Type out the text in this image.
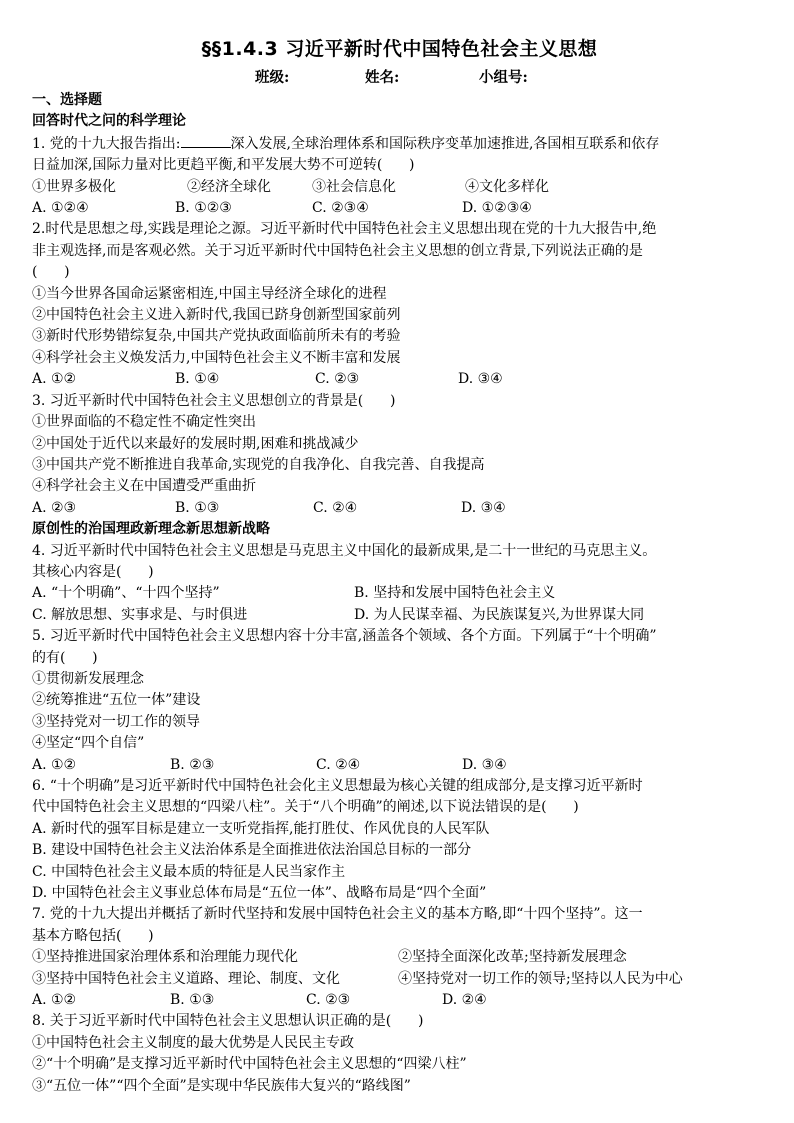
§§1.4.3 习近平新时代中国特色社会主义思想
班级:	姓名:	小组号:
一、选择题
回答时代之问的科学理论
1. 党的十九大报告指出:	深入发展,全球治理体系和国际秩序变革加速推进,各国相互联系和依存
日益加深,国际力量对比更趋平衡,和平发展大势不可逆转(      )
①世界多极化	②经济全球化	③社会信息化	④文化多样化
A. ①②④	B. ①②③	C. ②③④	D. ①②③④
2.时代是思想之母,实践是理论之源。习近平新时代中国特色社会主义思想出现在党的十九大报告中,绝
非主观选择,而是客观必然。关于习近平新时代中国特色社会主义思想的创立背景,下列说法正确的是
(      )
①当今世界各国命运紧密相连,中国主导经济全球化的进程
②中国特色社会主义进入新时代,我国已跻身创新型国家前列
③新时代形势错综复杂,中国共产党执政面临前所未有的考验
④科学社会主义焕发活力,中国特色社会主义不断丰富和发展
A. ①②	B. ①④	C. ②③	D. ③④
3. 习近平新时代中国特色社会主义思想创立的背景是(      )
①世界面临的不稳定性不确定性突出
②中国处于近代以来最好的发展时期,困难和挑战减少
③中国共产党不断推进自我革命,实现党的自我净化、自我完善、自我提高
④科学社会主义在中国遭受严重曲折
A. ②③	B. ①③	C. ②④	D. ③④
原创性的治国理政新理念新思想新战略
4. 习近平新时代中国特色社会主义思想是马克思主义中国化的最新成果,是二十一世纪的马克思主义。
其核心内容是(      )
A. “十个明确”、“十四个坚持”	B. 坚持和发展中国特色社会主义
C. 解放思想、实事求是、与时俱进	D. 为人民谋幸福、为民族谋复兴,为世界谋大同
5. 习近平新时代中国特色社会主义思想内容十分丰富,涵盖各个领域、各个方面。下列属于“十个明确”
的有(      )
①贯彻新发展理念
②统筹推进“五位一体”建设
③坚持党对一切工作的领导
④坚定“四个自信”
A. ①②	B. ②③	C. ②④	D. ③④
6. “十个明确”是习近平新时代中国特色社会化主义思想最为核心关键的组成部分,是支撑习近平新时
代中国特色社会主义思想的“四梁八柱”。关于“八个明确”的阐述,以下说法错误的是(      )
A. 新时代的强军目标是建立一支听党指挥,能打胜仗、作风优良的人民军队
B. 建设中国特色社会主义法治体系是全面推进依法治国总目标的一部分
C. 中国特色社会主义最本质的特征是人民当家作主
D. 中国特色社会主义事业总体布局是“五位一体”、战略布局是“四个全面”
7. 党的十九大提出并概括了新时代坚持和发展中国特色社会主义的基本方略,即“十四个坚持”。这一
基本方略包括(      )
①坚持推进国家治理体系和治理能力现代化	②坚持全面深化改革;坚持新发展理念
③坚持中国特色社会主义道路、理论、制度、文化	④坚持党对一切工作的领导;坚持以人民为中心
A. ①②	B. ①③	C. ②③	D. ②④
8. 关于习近平新时代中国特色社会主义思想认识正确的是(      )
①中国特色社会主义制度的最大优势是人民民主专政
②“十个明确”是支撑习近平新时代中国特色社会主义思想的“四梁八柱”
③“五位一体”“四个全面”是实现中华民族伟大复兴的“路线图”
